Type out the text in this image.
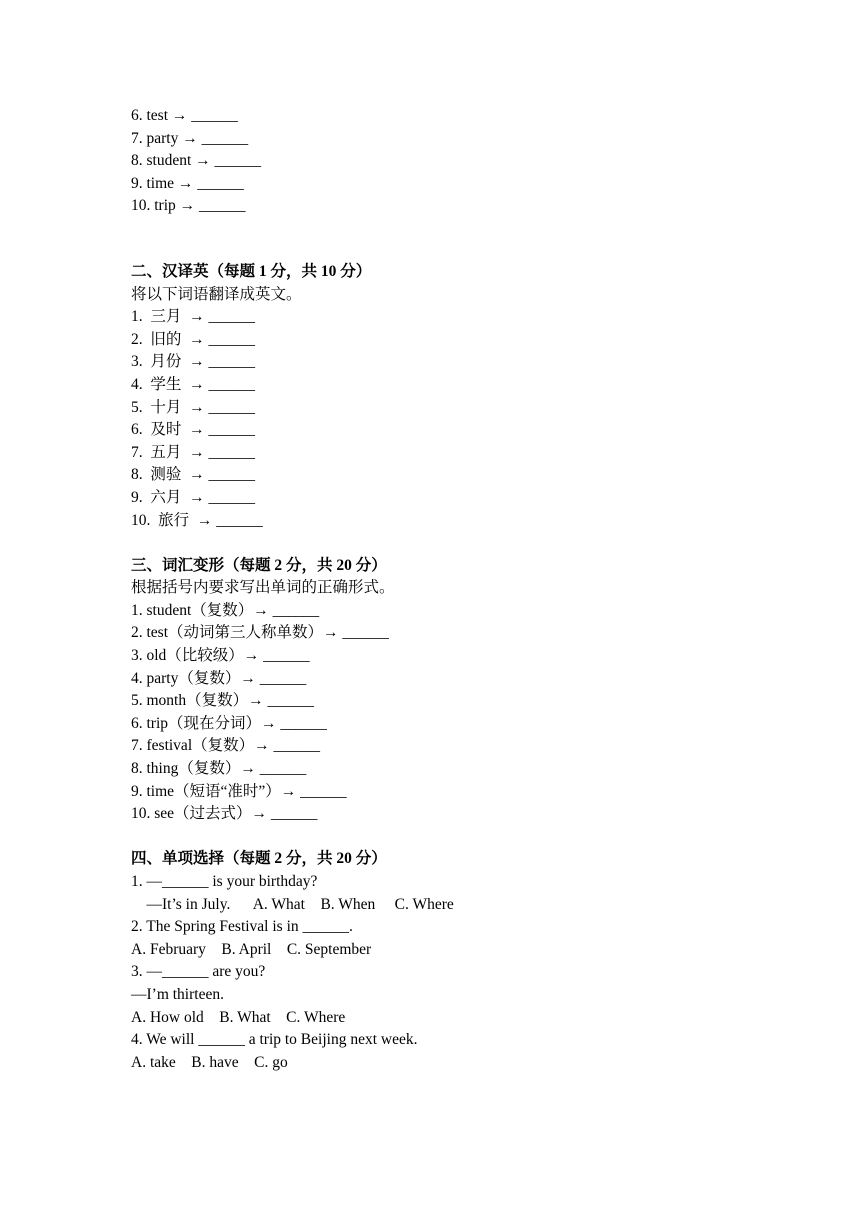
6. test → ______
7. party → ______
8. student → ______
9. time → ______
10. trip → ______
二、汉译英（每题 1 分，共 10 分）
将以下词语翻译成英文。
1.  三月  → ______
2.  旧的  → ______
3.  月份  → ______
4.  学生  → ______
5.  十月  → ______
6.  及时  → ______
7.  五月  → ______
8.  测验  → ______
9.  六月  → ______
10.  旅行  → ______
三、词汇变形（每题 2 分，共 20 分）
根据括号内要求写出单词的正确形式。
1. student（复数）→ ______
2. test（动词第三人称单数）→ ______
3. old（比较级）→ ______
4. party（复数）→ ______
5. month（复数）→ ______
6. trip（现在分词）→ ______
7. festival（复数）→ ______
8. thing（复数）→ ______
9. time（短语“准时”）→ ______
10. see（过去式）→ ______
四、单项选择（每题 2 分，共 20 分）
1. —______ is your birthday?
—It’s in July.      A. What    B. When     C. Where
2. The Spring Festival is in ______.
A. February    B. April    C. September
3. —______ are you?
—I’m thirteen.
A. How old    B. What    C. Where
4. We will ______ a trip to Beijing next week.
A. take    B. have    C. go
